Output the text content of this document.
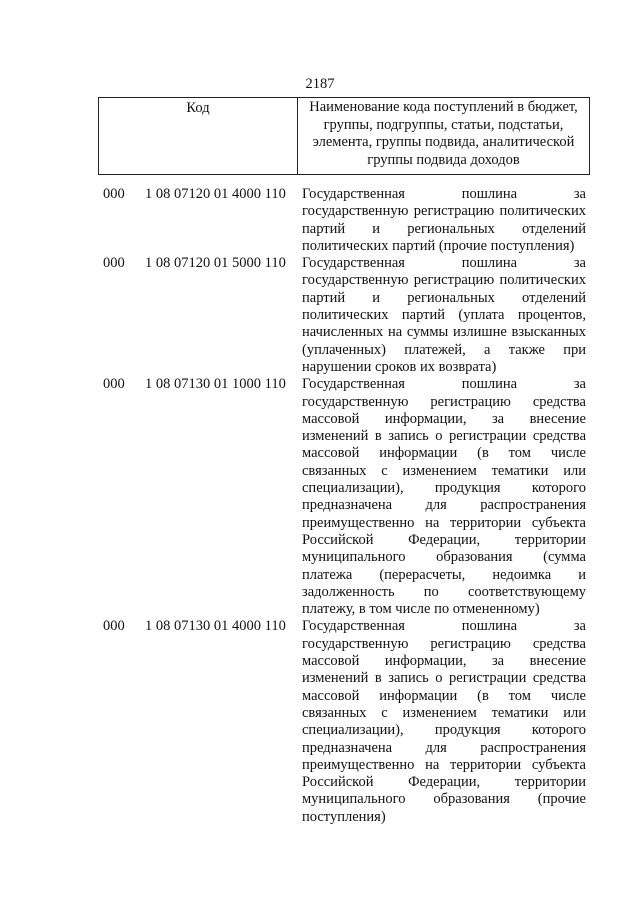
2187
Код	Наименование кода поступлений в бюджет, группы, подгруппы, статьи, подстатьи, элемента, группы подвида, аналитической группы подвида доходов
000 1 08 07120 01 4000 110 Государственная пошлина за
государственную регистрацию политических
партий и региональных отделений
политических партий (прочие поступления)
000 1 08 07120 01 5000 110 Государственная пошлина за
государственную регистрацию политических
партий и региональных отделений
политических партий (уплата процентов,
начисленных на суммы излишне взысканных
(уплаченных) платежей, а также при
нарушении сроков их возврата)
000 1 08 07130 01 1000 110 Государственная пошлина за
государственную регистрацию средства
массовой информации, за внесение
изменений в запись о регистрации средства
массовой информации (в том числе
связанных с изменением тематики или
специализации), продукция которого
предназначена для распространения
преимущественно на территории субъекта
Российской Федерации, территории
муниципального образования (сумма
платежа (перерасчеты, недоимка и
задолженность по соответствующему
платежу, в том числе по отмененному)
000 1 08 07130 01 4000 110 Государственная пошлина за
государственную регистрацию средства
массовой информации, за внесение
изменений в запись о регистрации средства
массовой информации (в том числе
связанных с изменением тематики или
специализации), продукция которого
предназначена для распространения
преимущественно на территории субъекта
Российской Федерации, территории
муниципального образования (прочие
поступления)
